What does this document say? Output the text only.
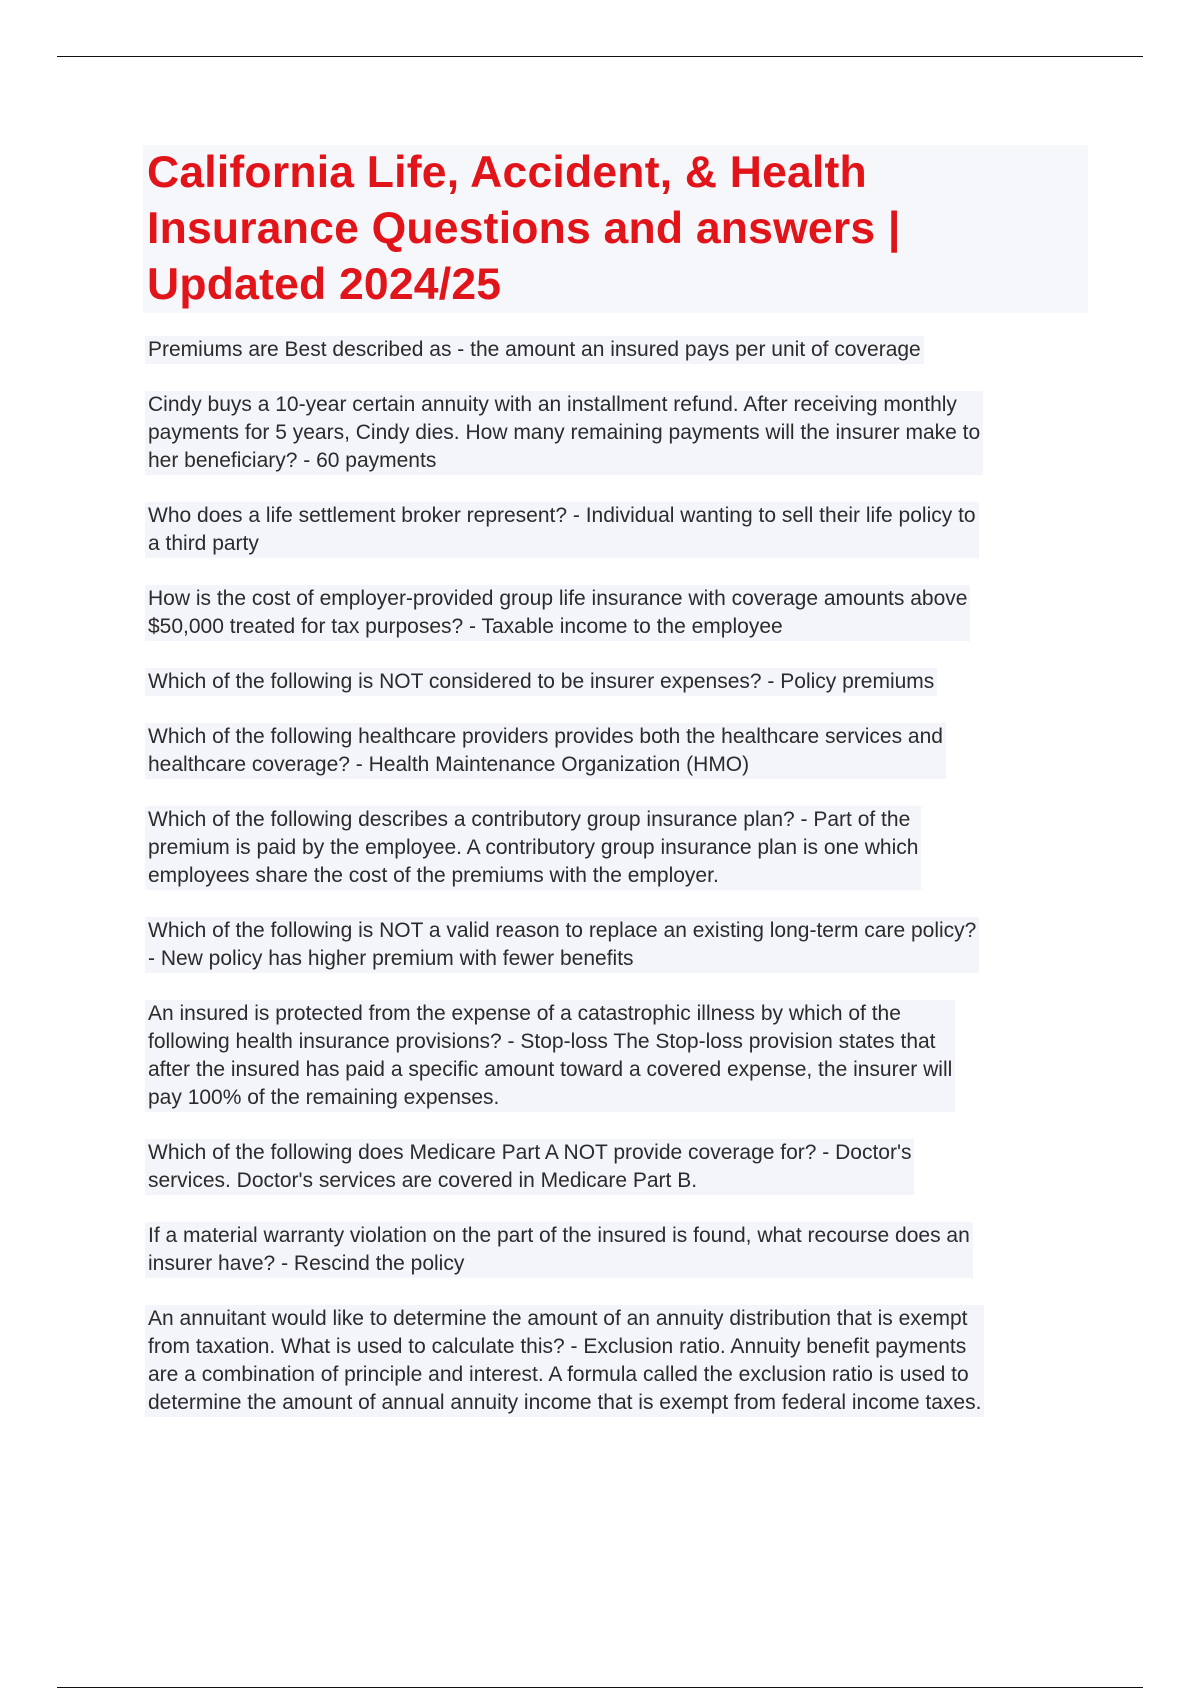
California Life, Accident, & Health
Insurance Questions and answers |
Updated 2024/25

Premiums are Best described as - the amount an insured pays per unit of coverage

Cindy buys a 10-year certain annuity with an installment refund. After receiving monthly
payments for 5 years, Cindy dies. How many remaining payments will the insurer make to
her beneficiary? - 60 payments

Who does a life settlement broker represent? - Individual wanting to sell their life policy to
a third party

How is the cost of employer-provided group life insurance with coverage amounts above
$50,000 treated for tax purposes? - Taxable income to the employee

Which of the following is NOT considered to be insurer expenses? - Policy premiums

Which of the following healthcare providers provides both the healthcare services and
healthcare coverage? - Health Maintenance Organization (HMO)

Which of the following describes a contributory group insurance plan? - Part of the
premium is paid by the employee. A contributory group insurance plan is one which
employees share the cost of the premiums with the employer.

Which of the following is NOT a valid reason to replace an existing long-term care policy?
- New policy has higher premium with fewer benefits

An insured is protected from the expense of a catastrophic illness by which of the
following health insurance provisions? - Stop-loss The Stop-loss provision states that
after the insured has paid a specific amount toward a covered expense, the insurer will
pay 100% of the remaining expenses.

Which of the following does Medicare Part A NOT provide coverage for? - Doctor's
services. Doctor's services are covered in Medicare Part B.

If a material warranty violation on the part of the insured is found, what recourse does an
insurer have? - Rescind the policy

An annuitant would like to determine the amount of an annuity distribution that is exempt
from taxation. What is used to calculate this? - Exclusion ratio. Annuity benefit payments
are a combination of principle and interest. A formula called the exclusion ratio is used to
determine the amount of annual annuity income that is exempt from federal income taxes.
